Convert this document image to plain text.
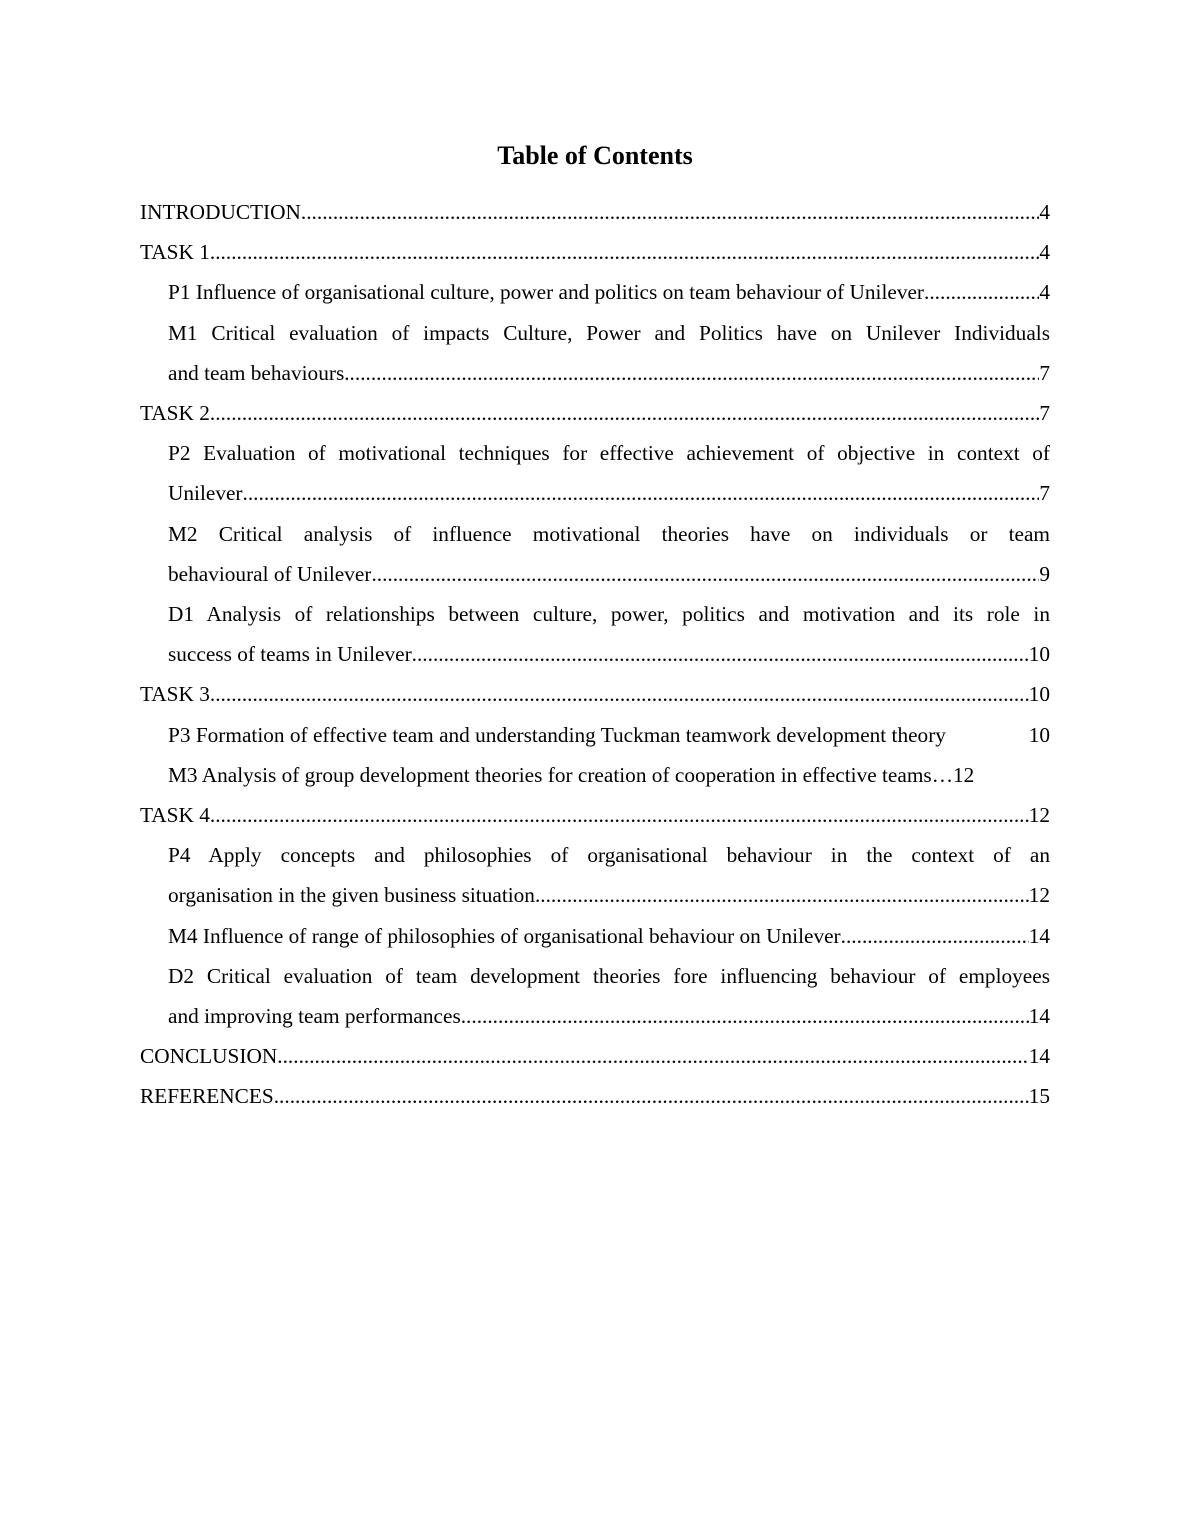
Table of Contents
INTRODUCTION .....	4
TASK 1 .....	4
P1 Influence of organisational culture, power and politics on team behaviour of Unilever .....	4
M1 Critical evaluation of impacts Culture, Power and Politics have on Unilever Individuals
and team behaviours .....	7
TASK 2 .....	7
P2 Evaluation of motivational techniques for effective achievement of objective in context of
Unilever .....	7
M2 Critical analysis of influence motivational theories have on individuals or team
behavioural of Unilever .....	9
D1 Analysis of relationships between culture, power, politics and motivation and its role in
success of teams in Unilever .....	10
TASK 3 .....	10
P3 Formation of effective team and understanding Tuckman teamwork development theory	10
M3 Analysis of group development theories for creation of cooperation in effective teams … 12
TASK 4 .....	12
P4 Apply concepts and philosophies of organisational behaviour in the context of an
organisation in the given business situation .....	12
M4 Influence of range of philosophies of organisational behaviour on Unilever .....	14
D2 Critical evaluation of team development theories fore influencing behaviour of employees
and improving team performances .....	14
CONCLUSION .....	14
REFERENCES .....	15
